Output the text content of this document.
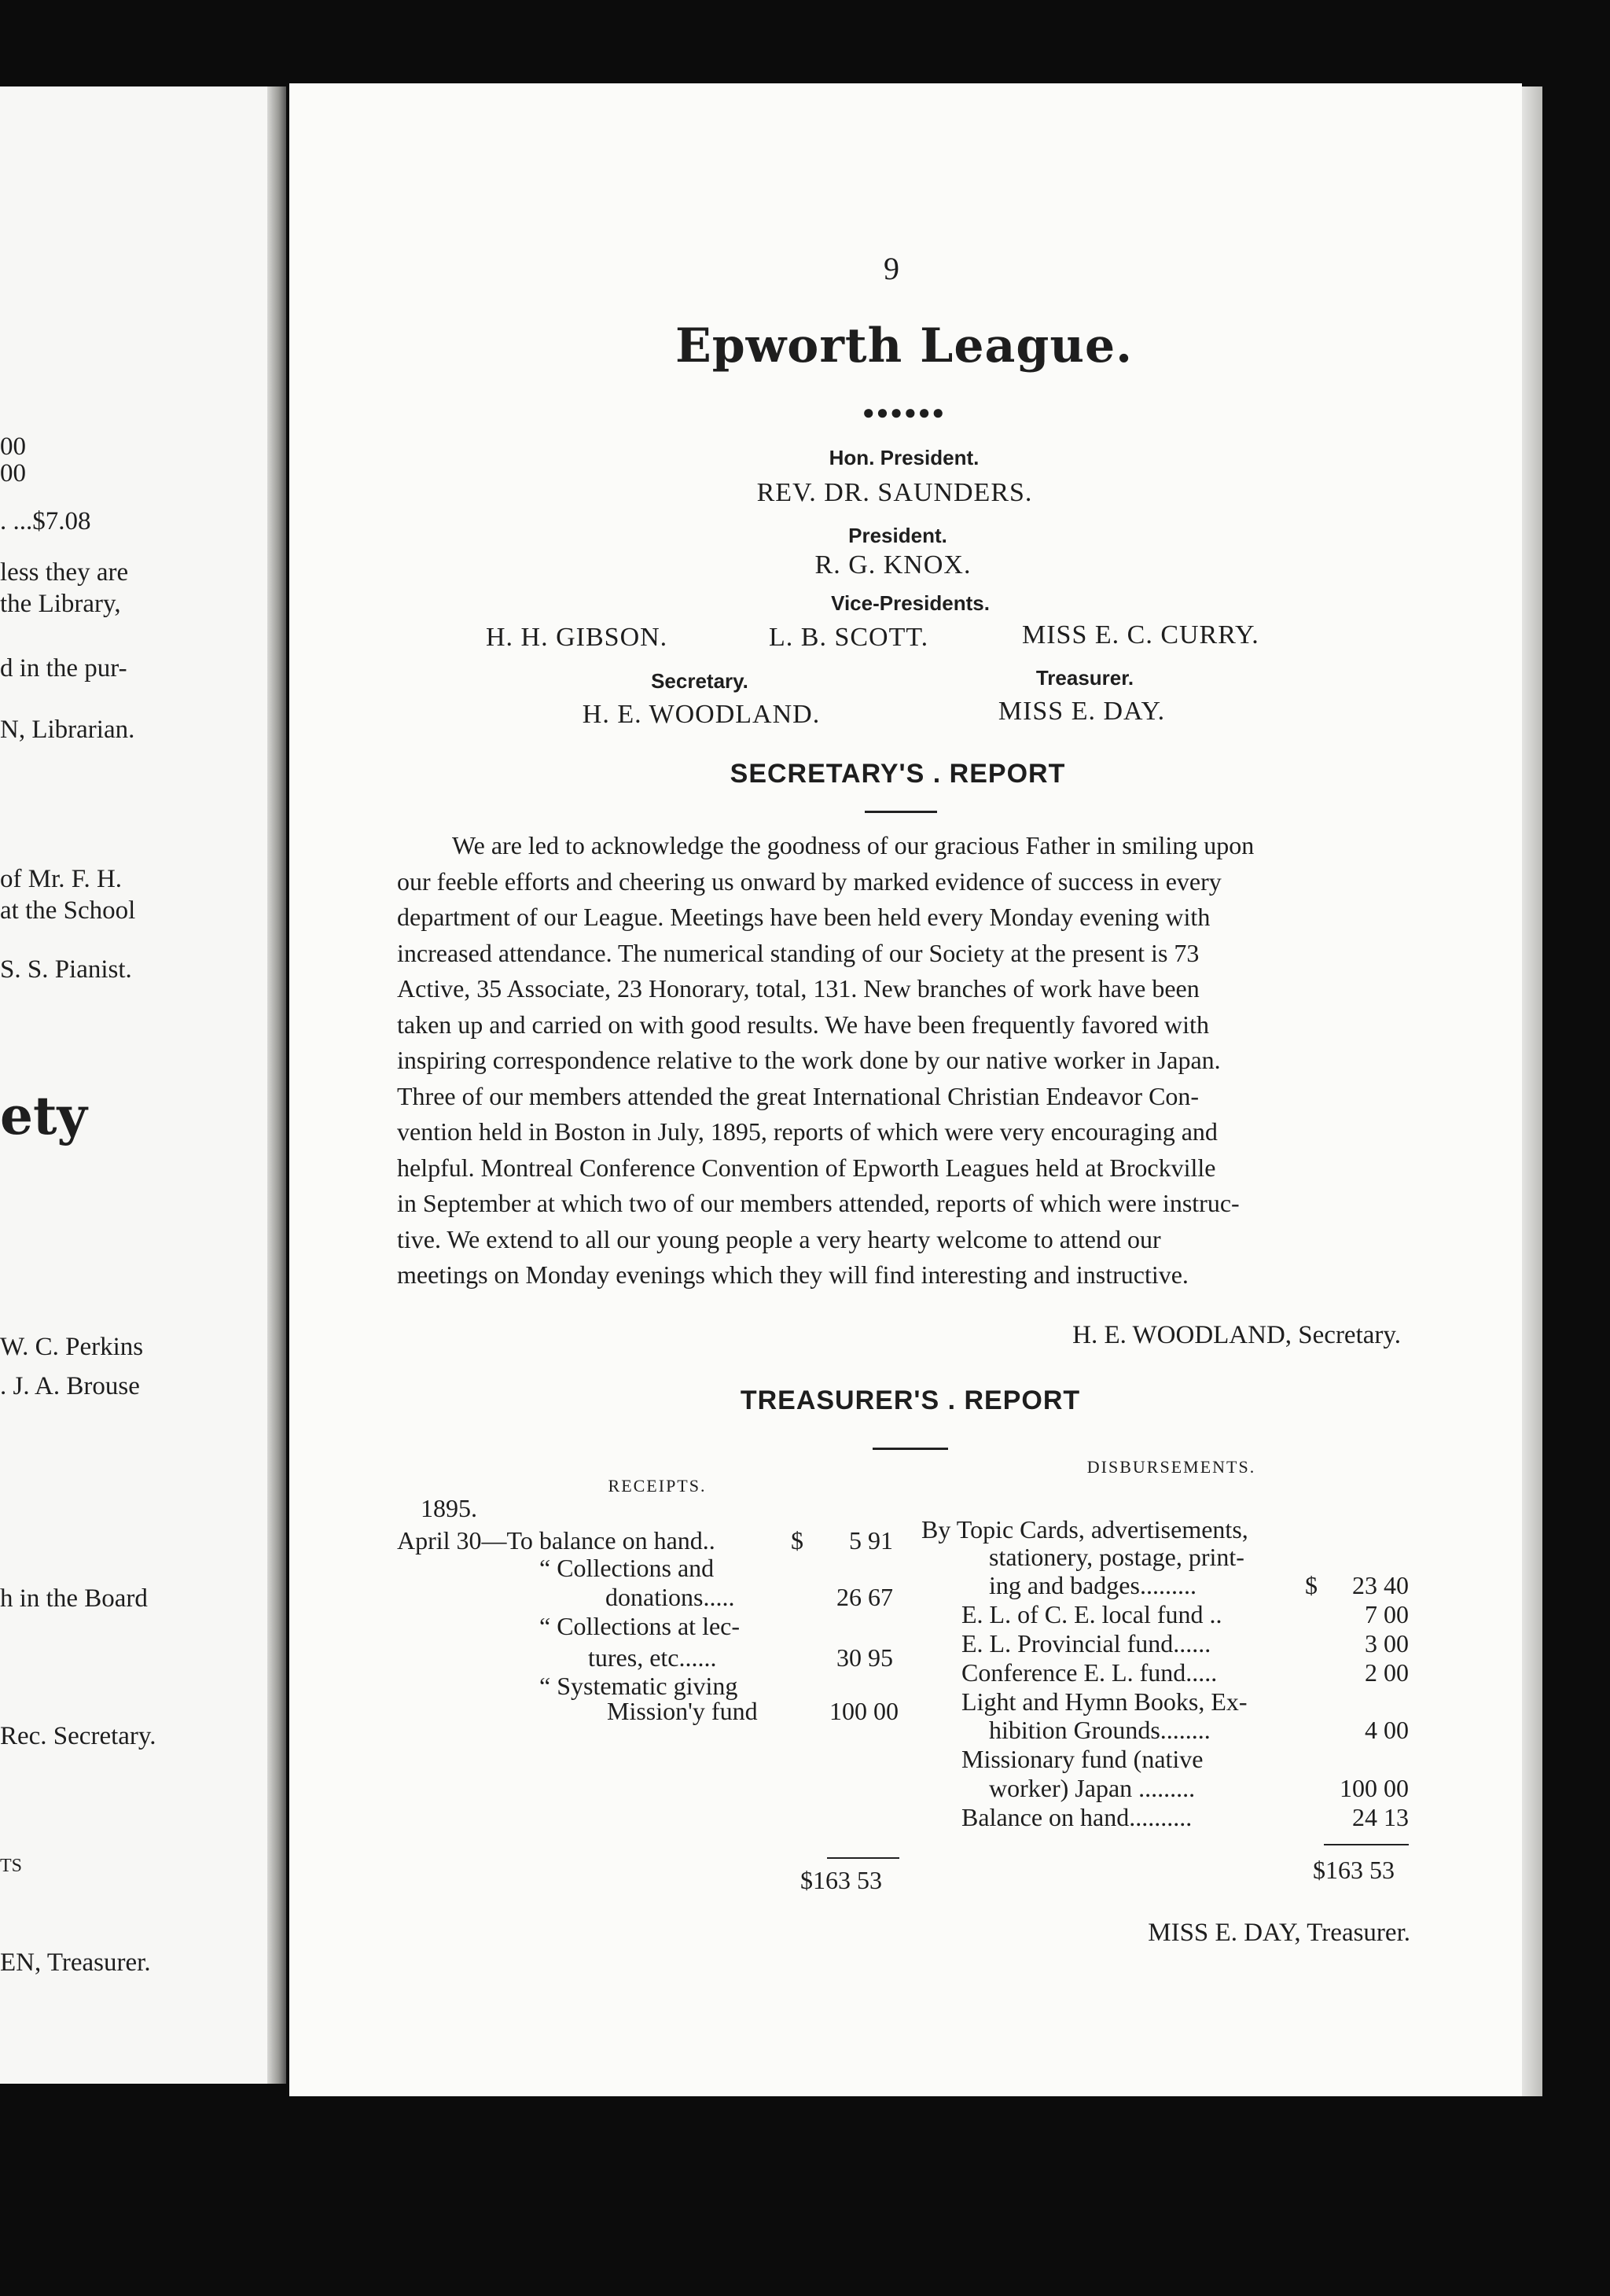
00
00
. ...$7.08
less they are
the Library,
d in the pur-
N, Librarian.
of Mr. F. H.
at the School
S. S. Pianist.
ety
W. C. Perkins
. J. A. Brouse
h in the Board
Rec. Secretary.
TS
EN, Treasurer.
9
Epworth League.
●●●●●●
Hon. President.
REV. DR. SAUNDERS.
President.
R. G. KNOX.
Vice-Presidents.
H. H. GIBSON.	L. B. SCOTT.	MISS E. C. CURRY.
Secretary.
H. E. WOODLAND.
Treasurer.
MISS E. DAY.
SECRETARY'S . REPORT
We are led to acknowledge the goodness of our gracious Father in smiling upon
our feeble efforts and cheering us onward by marked evidence of success in every
department of our League. Meetings have been held every Monday evening with
increased attendance. The numerical standing of our Society at the present is 73
Active, 35 Associate, 23 Honorary, total, 131. New branches of work have been
taken up and carried on with good results. We have been frequently favored with
inspiring correspondence relative to the work done by our native worker in Japan.
Three of our members attended the great International Christian Endeavor Con-
vention held in Boston in July, 1895, reports of which were very encouraging and
helpful. Montreal Conference Convention of Epworth Leagues held at Brockville
in September at which two of our members attended, reports of which were instruc-
tive. We extend to all our young people a very hearty welcome to attend our
meetings on Monday evenings which they will find interesting and instructive.
H. E. WOODLAND, Secretary.
TREASURER'S . REPORT
RECEIPTS.
DISBURSEMENTS.
1895.
April 30—To balance on hand..	$ 5 91
“ Collections and
donations.....	26 67
“ Collections at lec-
tures, etc......	30 95
“ Systematic giving
Mission'y fund	100 00
$163 53
By Topic Cards, advertisements,
stationery, postage, print-
ing and badges.........	$ 23 40
E. L. of C. E. local fund ..	7 00
E. L. Provincial fund......	3 00
Conference E. L. fund.....	2 00
Light and Hymn Books, Ex-
hibition Grounds........	4 00
Missionary fund (native
worker) Japan .........	100 00
Balance on hand..........	24 13
$163 53
MISS E. DAY, Treasurer.
